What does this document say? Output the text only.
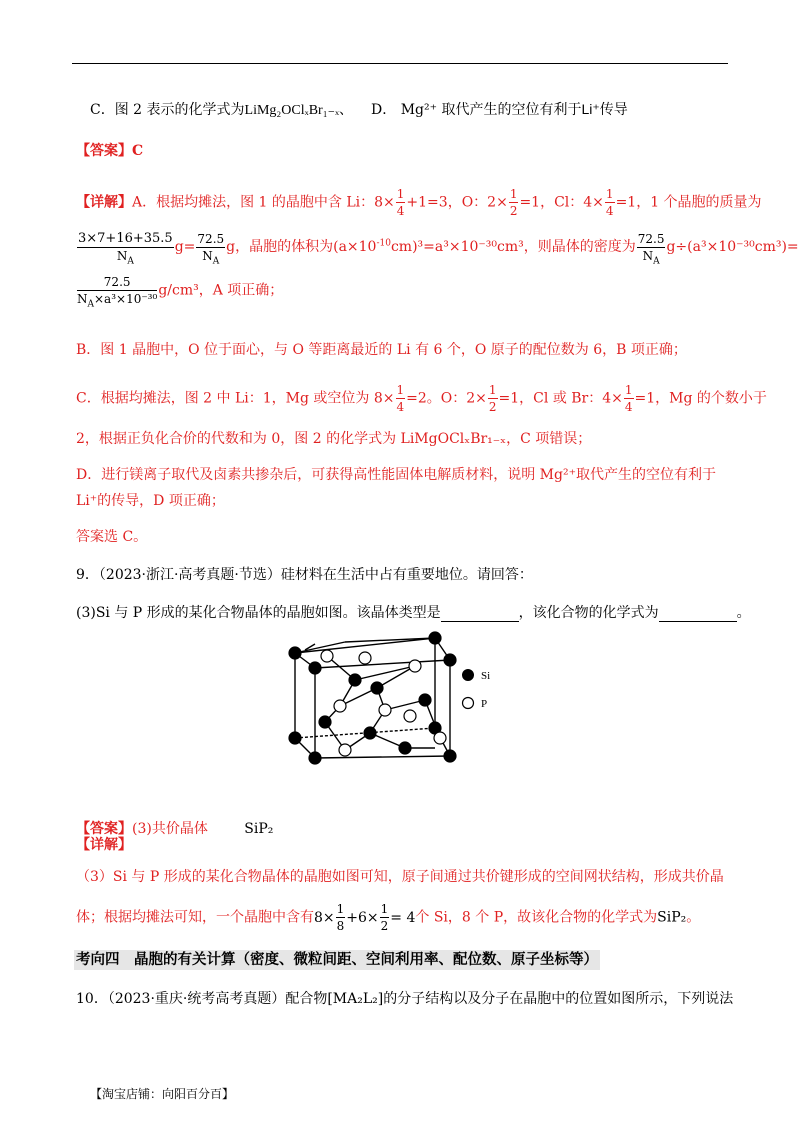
C．图 2 表示的化学式为LiMg₂OClₓBr₁₋ₓ、 D． Mg²⁺ 取代产生的空位有利于Li⁺传导
【答案】C
【详解】A．根据均摊法，图 1 的晶胞中含 Li：$8\times \frac{1}{4} +1=3$，O：$2\times \frac{1}{2} =1$，Cl：$4\times \frac{1}{4} =1$，1 个晶胞的质量为
$\frac{3\times 7+16+35.5}{N_A} g= \frac{72.5}{N_A}$ g，晶胞的体积为$(a\times 10^{-10}cm)^3=a^3\times 10^{-30}cm^3$，则晶体的密度为 $\frac{72.5}{N_A} g\div(a^3\times 10^{-30}cm^3)=$
$\frac{72.5}{N_A\times a^3\times 10^{-30}} g/cm^3$，A 项正确；
B．图 1 晶胞中，O 位于面心，与 O 等距离最近的 Li 有 6 个，O 原子的配位数为 6，B 项正确；
C．根据均摊法，图 2 中 Li：1，Mg 或空位为 $8\times \frac{1}{4} =2$。O：$2\times \frac{1}{2} =1$，Cl 或 Br：$4\times \frac{1}{4} =1$，Mg 的个数小于
2，根据正负化合价的代数和为 0，图 2 的化学式为 LiMgOClₓBr₁₋ₓ，C 项错误；
D．进行镁离子取代及卤素共掺杂后，可获得高性能固体电解质材料，说明 Mg²⁺取代产生的空位有利于
Li⁺的传导，D 项正确；
答案选 C。
9．（2023·浙江·高考真题·节选）硅材料在生活中占有重要地位。请回答：
(3)Si 与 P 形成的某化合物晶体的晶胞如图。该晶体类型是	，该化合物的化学式为	。
Si
P
【答案】(3)共价晶体	SiP₂
【详解】
（3）Si 与 P 形成的某化合物晶体的晶胞如图可知，原子间通过共价键形成的空间网状结构，形成共价晶
体；根据均摊法可知，一个晶胞中含有$8\times \frac{1}{8} +6\times \frac{1}{2} = 4$个 Si，8 个 P，故该化合物的化学式为SiP₂。
考向四　晶胞的有关计算（密度、微粒间距、空间利用率、配位数、原子坐标等）
10．（2023·重庆·统考高考真题）配合物[MA₂L₂]的分子结构以及分子在晶胞中的位置如图所示，下列说法
【淘宝店铺：向阳百分百】
